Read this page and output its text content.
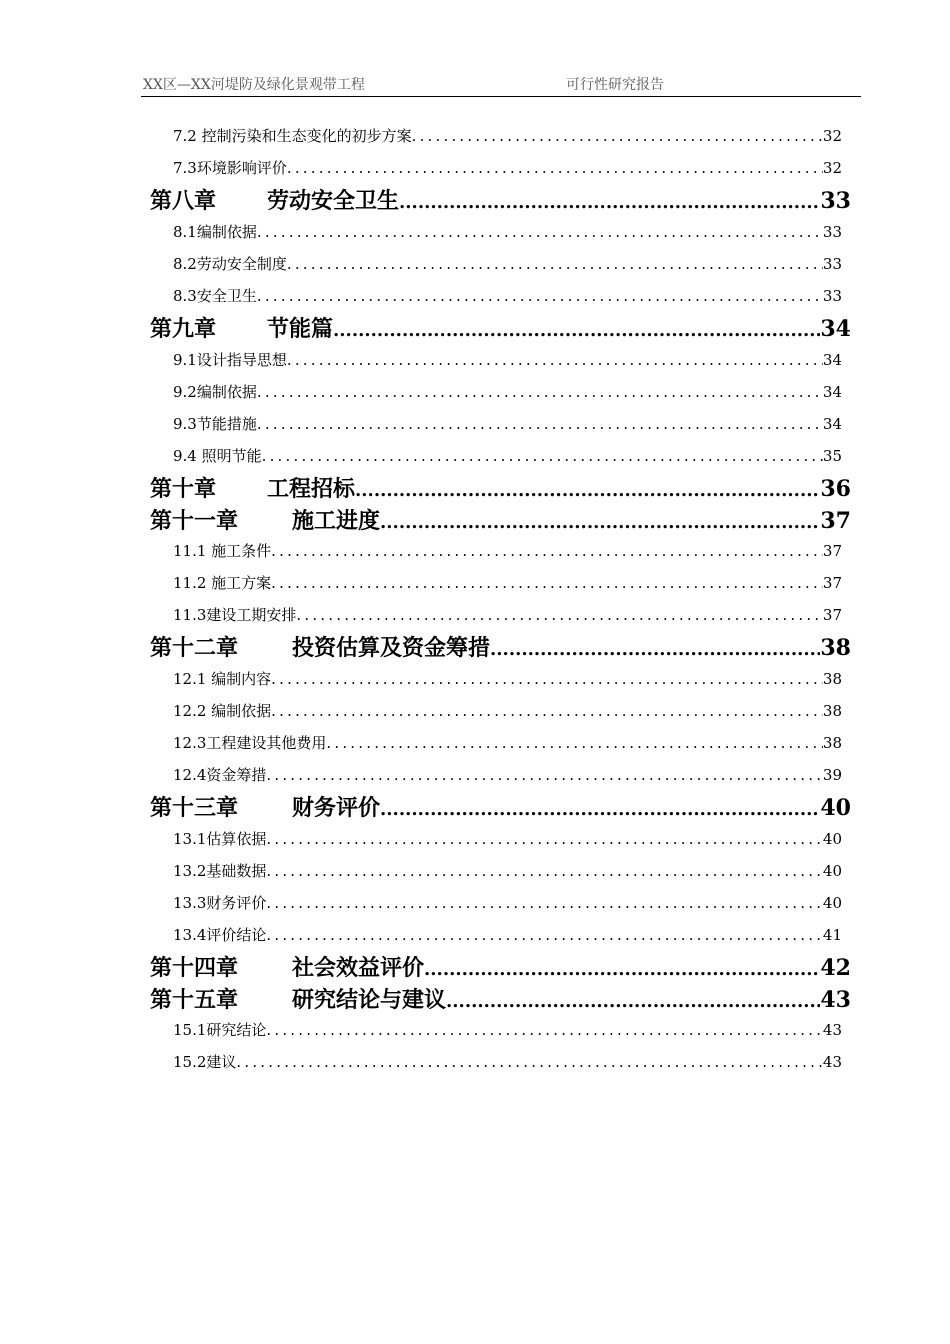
XX区—XX河堤防及绿化景观带工程	可行性研究报告
7.2 控制污染和生态变化的初步方案 .....	32
7.3环境影响评价 .....	32
第八章 劳动安全卫生 .....	33
8.1编制依据 .....	33
8.2劳动安全制度 .....	33
8.3安全卫生 .....	33
第九章 节能篇 .....	34
9.1设计指导思想 .....	34
9.2编制依据 .....	34
9.3节能措施 .....	34
9.4 照明节能 .....	35
第十章 工程招标 .....	36
第十一章 施工进度 .....	37
11.1 施工条件 .....	37
11.2 施工方案 .....	37
11.3建设工期安排 .....	37
第十二章 投资估算及资金筹措 .....	38
12.1 编制内容 .....	38
12.2 编制依据 .....	38
12.3工程建设其他费用 .....	38
12.4资金筹措 .....	39
第十三章 财务评价 .....	40
13.1估算依据 .....	40
13.2基础数据 .....	40
13.3财务评价 .....	40
13.4评价结论 .....	41
第十四章 社会效益评价 .....	42
第十五章 研究结论与建议 .....	43
15.1研究结论 .....	43
15.2建议 .....	43
